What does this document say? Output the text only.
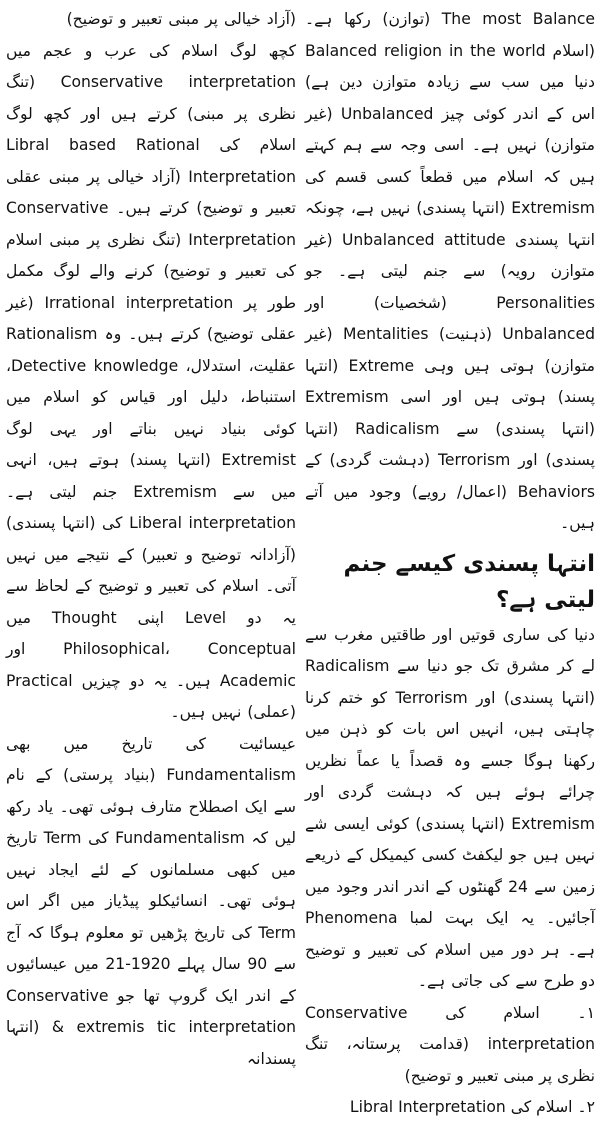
The most Balance (توازن) رکھا ہے۔ (اسلام Balanced religion in the world دنیا میں سب سے زیادہ متوازن دین ہے) اس کے اندر کوئی چیز Unbalanced (غیر متوازن) نہیں ہے۔ اسی وجہ سے ہم کہتے ہیں کہ اسلام میں قطعاً کسی قسم کی Extremism (انتہا پسندی) نہیں ہے، چونکہ انتہا پسندی Unbalanced attitude (غیر متوازن رویہ) سے جنم لیتی ہے۔ جو Personalities (شخصیات) اور Unbalanced (ذہنیت) Mentalities (غیر متوازن) ہوتی ہیں وہی Extreme (انتہا پسند) ہوتی ہیں اور اسی Extremism (انتہا پسندی) سے Radicalism (انتہا پسندی) اور Terrorism (دہشت گردی) کے Behaviors (اعمال/ رویے) وجود میں آتے ہیں۔

انتہا پسندی کیسے جنم لیتی ہے؟

دنیا کی ساری قوتیں اور طاقتیں مغرب سے لے کر مشرق تک جو دنیا سے Radicalism (انتہا پسندی) اور Terrorism کو ختم کرنا چاہتی ہیں، انہیں اس بات کو ذہن میں رکھنا ہوگا جسے وہ قصداً یا عماً نظریں چرائے ہوئے ہیں کہ دہشت گردی اور Extremism (انتہا پسندی) کوئی ایسی شے نہیں ہیں جو لیکفٹ کسی کیمیکل کے ذریعے زمین سے 24 گھنٹوں کے اندر اندر وجود میں آجائیں۔ یہ ایک بہت لمبا Phenomena ہے۔ ہر دور میں اسلام کی تعبیر و توضیح دو طرح سے کی جاتی ہے۔

۱۔ اسلام کی Conservative interpretation (قدامت پرستانہ، تنگ نظری پر مبنی تعبیر و توضیح)

۲۔ اسلام کی Libral Interpretation

(آزاد خیالی پر مبنی تعبیر و توضیح)

کچھ لوگ اسلام کی عرب و عجم میں Conservative interpretation (تنگ نظری پر مبنی) کرتے ہیں اور کچھ لوگ اسلام کی Libral based Rational Interpretation (آزاد خیالی پر مبنی عقلی تعبیر و توضیح) کرتے ہیں۔ Conservative Interpretation (تنگ نظری پر مبنی اسلام کی تعبیر و توضیح) کرنے والے لوگ مکمل طور پر Irrational interpretation (غیر عقلی توضیح) کرتے ہیں۔ وہ Rationalism عقلیت، استدلال، Detective knowledge، استنباط، دلیل اور قیاس کو اسلام میں کوئی بنیاد نہیں بناتے اور یہی لوگ Extremist (انتہا پسند) ہوتے ہیں، انہی میں سے Extremism جنم لیتی ہے۔ Liberal interpretation کی (انتہا پسندی) (آزادانہ توضیح و تعبیر) کے نتیجے میں نہیں آتی۔ اسلام کی تعبیر و توضیح کے لحاظ سے یہ دو Level اپنی Thought میں Philosophical، Conceptual اور Academic ہیں۔ یہ دو چیزیں Practical (عملی) نہیں ہیں۔

عیسائیت کی تاریخ میں بھی Fundamentalism (بنیاد پرستی) کے نام سے ایک اصطلاح متارف ہوئی تھی۔ یاد رکھ لیں کہ Fundamentalism کی Term تاریخ میں کبھی مسلمانوں کے لئے ایجاد نہیں ہوئی تھی۔ انسائیکلو پیڈیاز میں اگر اس Term کی تاریخ پڑھیں تو معلوم ہوگا کہ آج سے 90 سال پہلے 1920-21 میں عیسائیوں کے اندر ایک گروپ تھا جو Conservative & extremis tic interpretation (انتہا پسندانہ
